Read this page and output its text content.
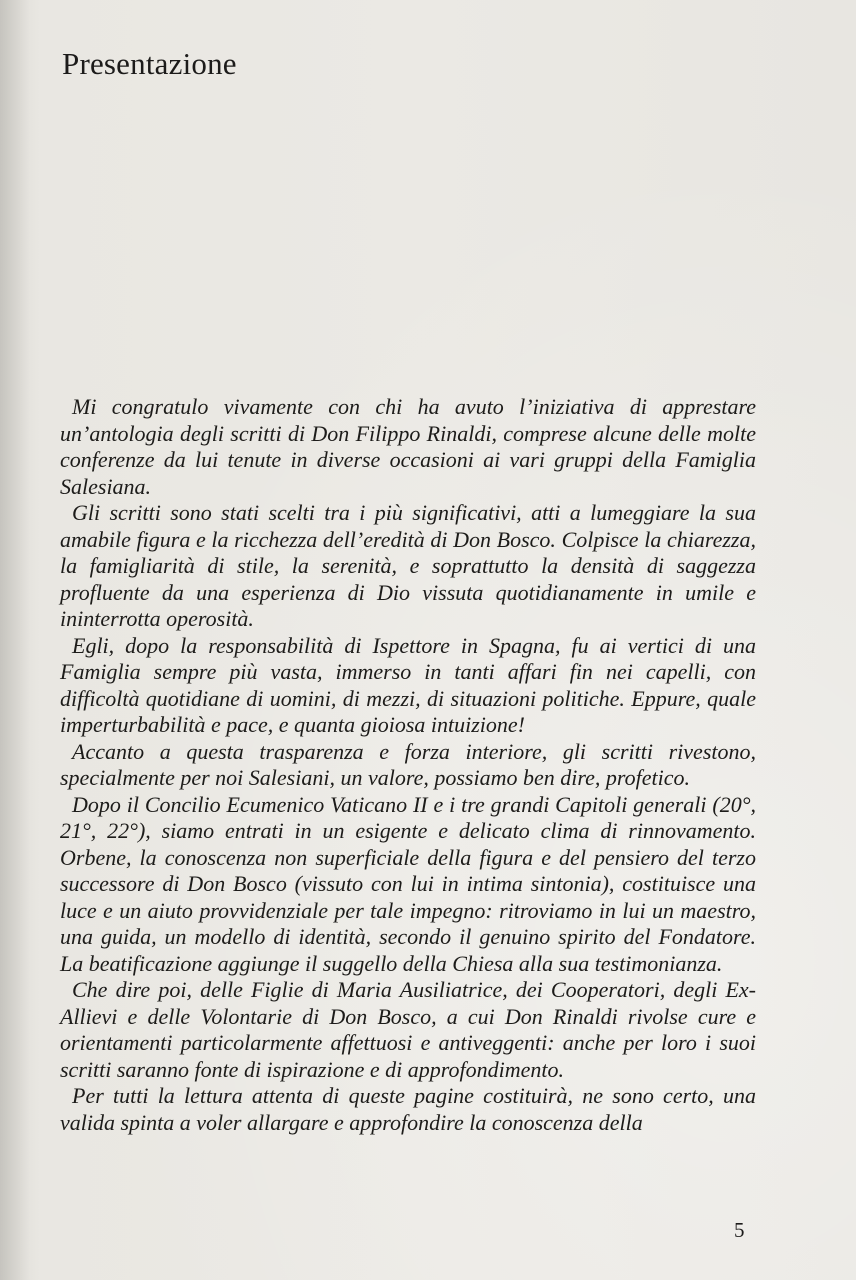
Presentazione

Mi congratulo vivamente con chi ha avuto l’iniziativa di apprestare un’antologia degli scritti di Don Filippo Rinaldi, comprese alcune delle molte conferenze da lui tenute in diverse occasioni ai vari gruppi della Famiglia Salesiana.

Gli scritti sono stati scelti tra i più significativi, atti a lumeggiare la sua amabile figura e la ricchezza dell’eredità di Don Bosco. Colpisce la chiarezza, la famigliarità di stile, la serenità, e soprattutto la densità di saggezza profluente da una esperienza di Dio vissuta quotidianamente in umile e ininterrotta operosità.

Egli, dopo la responsabilità di Ispettore in Spagna, fu ai vertici di una Famiglia sempre più vasta, immerso in tanti affari fin nei capelli, con difficoltà quotidiane di uomini, di mezzi, di situazioni politiche. Eppure, quale imperturbabilità e pace, e quanta gioiosa intuizione!

Accanto a questa trasparenza e forza interiore, gli scritti rivestono, specialmente per noi Salesiani, un valore, possiamo ben dire, profetico.

Dopo il Concilio Ecumenico Vaticano II e i tre grandi Capitoli generali (20°, 21°, 22°), siamo entrati in un esigente e delicato clima di rinnovamento. Orbene, la conoscenza non superficiale della figura e del pensiero del terzo successore di Don Bosco (vissuto con lui in intima sintonia), costituisce una luce e un aiuto provvidenziale per tale impegno: ritroviamo in lui un maestro, una guida, un modello di identità, secondo il genuino spirito del Fondatore. La beatificazione aggiunge il suggello della Chiesa alla sua testimonianza.

Che dire poi, delle Figlie di Maria Ausiliatrice, dei Cooperatori, degli Ex-Allievi e delle Volontarie di Don Bosco, a cui Don Rinaldi rivolse cure e orientamenti particolarmente affettuosi e antiveggenti: anche per loro i suoi scritti saranno fonte di ispirazione e di approfondimento.

Per tutti la lettura attenta di queste pagine costituirà, ne sono certo, una valida spinta a voler allargare e approfondire la conoscenza della

5
